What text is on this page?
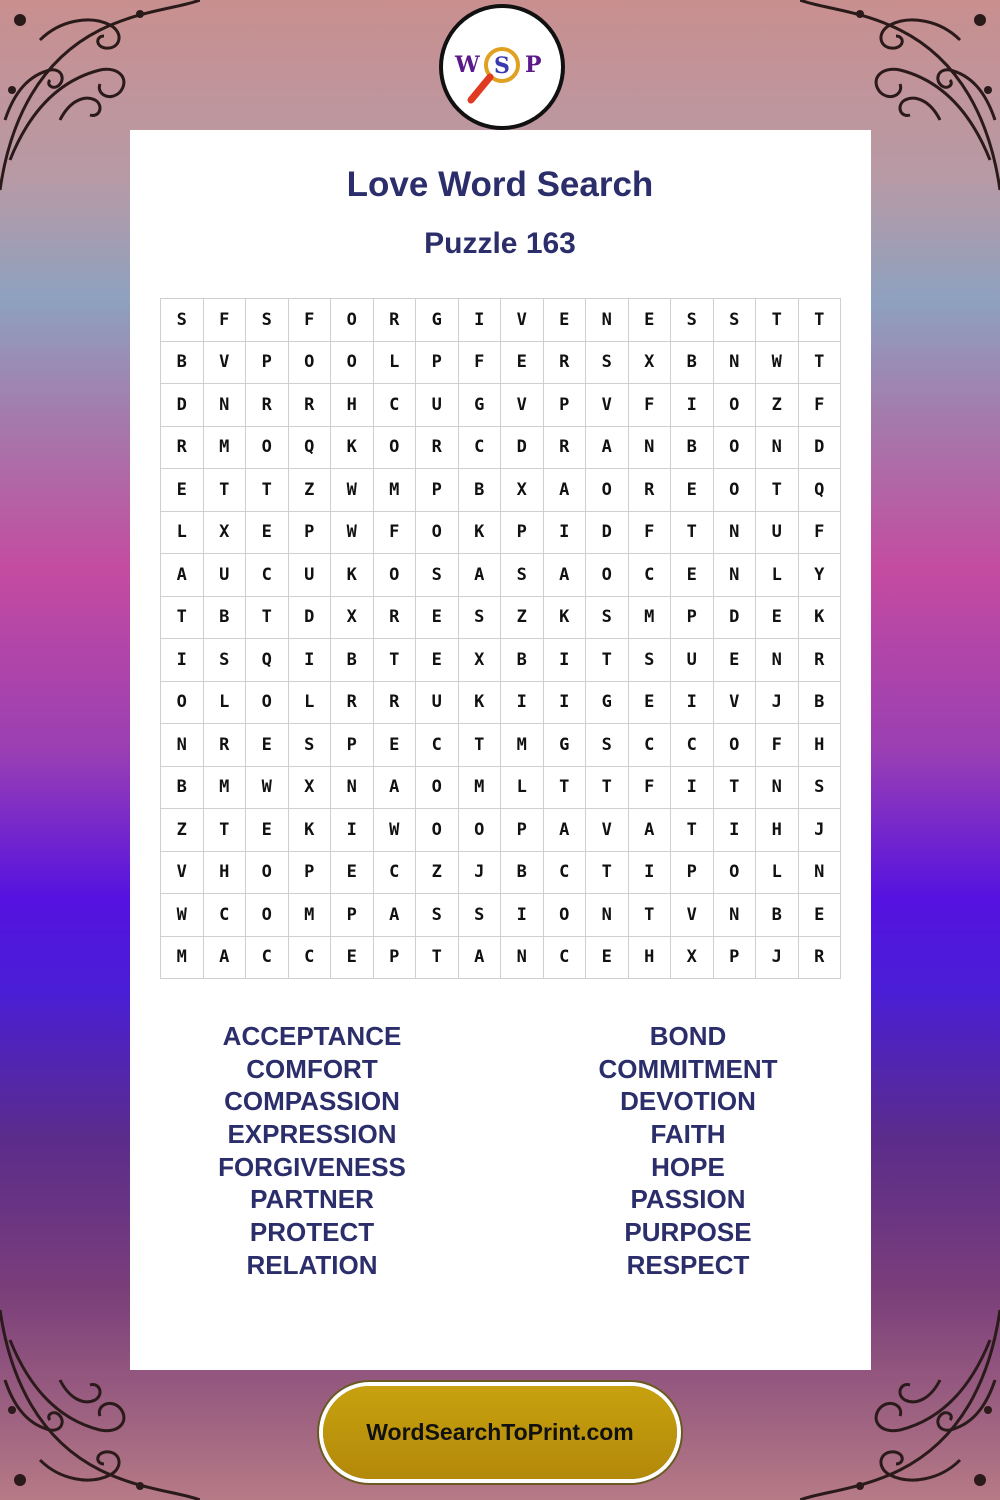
W S P
Love Word Search
Puzzle 163
S	F	S	F	O	R	G	I	V	E	N	E	S	S	T	T
B	V	P	O	O	L	P	F	E	R	S	X	B	N	W	T
D	N	R	R	H	C	U	G	V	P	V	F	I	O	Z	F
R	M	O	Q	K	O	R	C	D	R	A	N	B	O	N	D
E	T	T	Z	W	M	P	B	X	A	O	R	E	O	T	Q
L	X	E	P	W	F	O	K	P	I	D	F	T	N	U	F
A	U	C	U	K	O	S	A	S	A	O	C	E	N	L	Y
T	B	T	D	X	R	E	S	Z	K	S	M	P	D	E	K
I	S	Q	I	B	T	E	X	B	I	T	S	U	E	N	R
O	L	O	L	R	R	U	K	I	I	G	E	I	V	J	B
N	R	E	S	P	E	C	T	M	G	S	C	C	O	F	H
B	M	W	X	N	A	O	M	L	T	T	F	I	T	N	S
Z	T	E	K	I	W	O	O	P	A	V	A	T	I	H	J
V	H	O	P	E	C	Z	J	B	C	T	I	P	O	L	N
W	C	O	M	P	A	S	S	I	O	N	T	V	N	B	E
M	A	C	C	E	P	T	A	N	C	E	H	X	P	J	R
ACCEPTANCE
COMFORT
COMPASSION
EXPRESSION
FORGIVENESS
PARTNER
PROTECT
RELATION
BOND
COMMITMENT
DEVOTION
FAITH
HOPE
PASSION
PURPOSE
RESPECT
WordSearchToPrint.com
